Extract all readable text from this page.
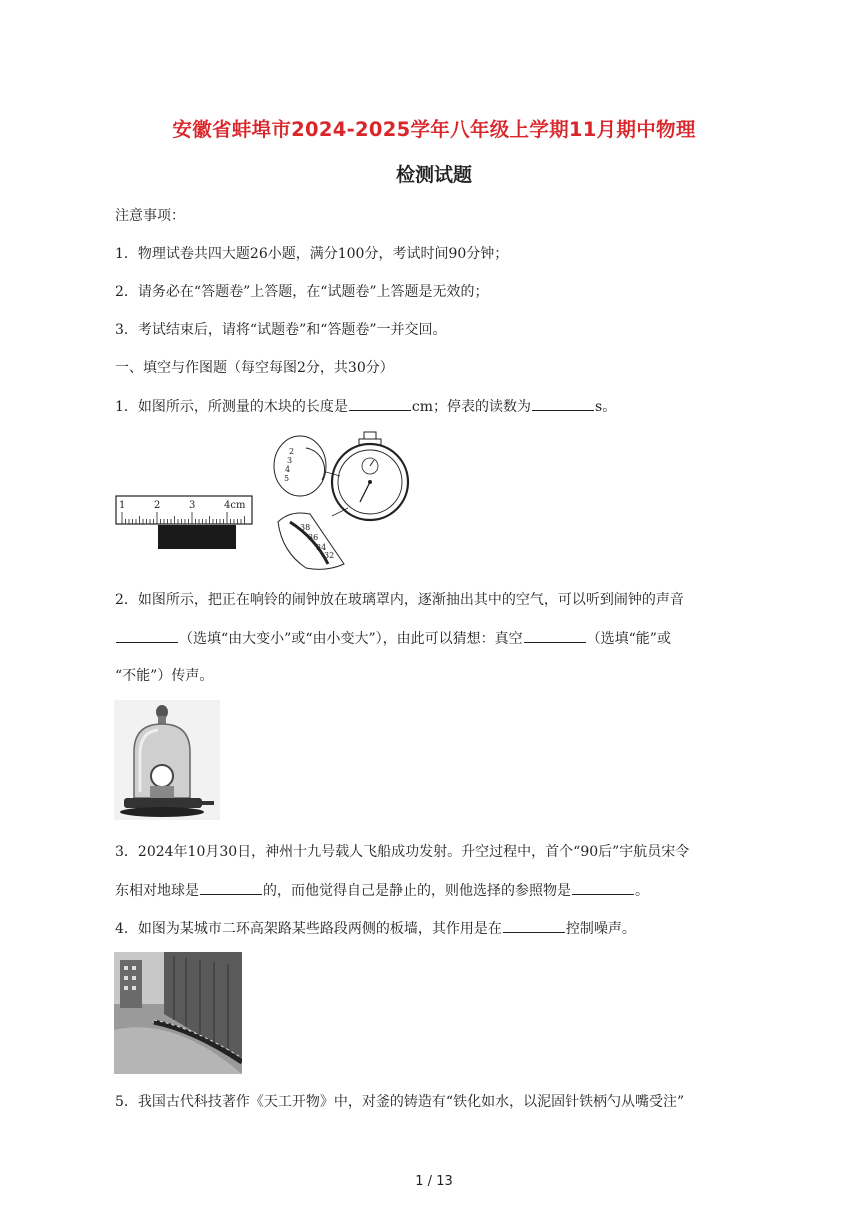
安徽省蚌埠市2024-2025学年八年级上学期11月期中物理
检测试题
注意事项：
1．物理试卷共四大题26小题，满分100分，考试时间90分钟；
2．请务必在“答题卷”上答题，在“试题卷”上答题是无效的；
3．考试结束后，请将“试题卷”和“答题卷”一并交回。
一、填空与作图题（每空每图2分，共30分）
1．如图所示，所测量的木块的长度是	cm；停表的读数为	s。
1	2	3	4cm
2
3
4
5
38
36
34
32
2．如图所示，把正在响铃的闹钟放在玻璃罩内，逐渐抽出其中的空气，可以听到闹钟的声音
（选填“由大变小”或“由小变大”），由此可以猜想：真空	（选填“能”或
“不能”）传声。
3．2024年10月30日，神州十九号载人飞船成功发射。升空过程中，首个“90后”宇航员宋令
东相对地球是	的，而他觉得自己是静止的，则他选择的参照物是	。
4．如图为某城市二环高架路某些路段两侧的板墙，其作用是在	控制噪声。
5．我国古代科技著作《天工开物》中，对釜的铸造有“铁化如水，以泥固针铁柄勺从嘴受注”
1 / 13
